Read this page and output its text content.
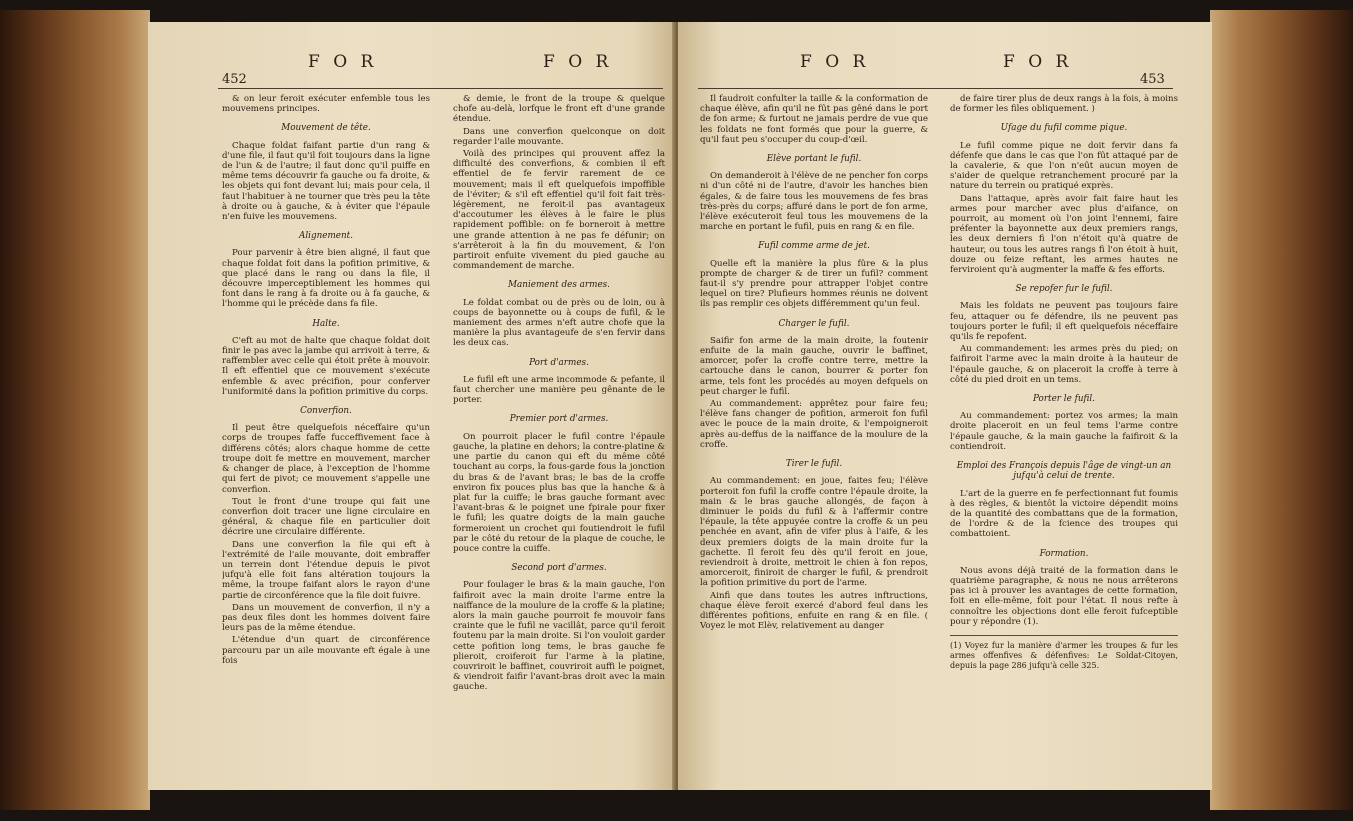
452
F O R	F O R

& on leur feroit exécuter enfemble tous les mouvemens principes.

Mouvement de tête.

Chaque foldat faifant partie d'un rang & d'une file, il faut qu'il foit toujours dans la ligne de l'un & de l'autre; il faut donc qu'il puiffe en même tems découvrir fa gauche ou fa droite, & les objets qui font devant lui; mais pour cela, il faut l'habituer à ne tourner que très peu la tête à droite ou à gauche, & à éviter que l'épaule n'en fuive les mouvemens.

Alignement.

Pour parvenir à être bien aligné, il faut que chaque foldat foit dans la pofition primitive, & que placé dans le rang ou dans la file, il découvre imperceptiblement les hommes qui font dans le rang à fa droite ou à fa gauche, & l'homme qui le précède dans fa file.

Halte.

C'eft au mot de halte que chaque foldat doit finir le pas avec la jambe qui arrivoit à terre, & raffembler avec celle qui étoit prête à mouvoir. Il eft effentiel que ce mouvement s'exécute enfemble & avec précifion, pour conferver l'uniformité dans la pofition primitive du corps.

Converfion.

Il peut être quelquefois néceffaire qu'un corps de troupes faffe fucceffivement face à différens côtés; alors chaque homme de cette troupe doit fe mettre en mouvement, marcher & changer de place, à l'exception de l'homme qui fert de pivot; ce mouvement s'appelle une converfion.

Tout le front d'une troupe qui fait une converfion doit tracer une ligne circulaire en général, & chaque file en particulier doit décrire une circulaire différente.

Dans une converfion la file qui eft à l'extrémité de l'aile mouvante, doit embraffer un terrein dont l'étendue depuis le pivot jufqu'à elle foit fans altération toujours la même, la troupe faifant alors le rayon d'une partie de circonférence que la file doit fuivre.

Dans un mouvement de converfion, il n'y a pas deux files dont les hommes doivent faire leurs pas de la même étendue.

L'étendue d'un quart de circonférence parcouru par un aile mouvante eft égale à une fois

& demie, le front de la troupe & quelque chofe au-delà, lorfque le front eft d'une grande étendue.

Dans une converfion quelconque on doit regarder l'aile mouvante.

Voilà des principes qui prouvent affez la difficulté des converfions, & combien il eft effentiel de fe fervir rarement de ce mouvement; mais il eft quelquefois impoffible de l'éviter; & s'il eft effentiel qu'il foit fait très-légèrement, ne feroit-il pas avantageux d'accoutumer les élèves à le faire le plus rapidement poffible: on fe borneroit à mettre une grande attention à ne pas fe défunir; on s'arrêteroit à la fin du mouvement, & l'on partiroit enfuite vivement du pied gauche au commandement de marche.

Maniement des armes.

Le foldat combat ou de près ou de loin, ou à coups de bayonnette ou à coups de fufil, & le maniement des armes n'eft autre chofe que la manière la plus avantageufe de s'en fervir dans les deux cas.

Port d'armes.

Le fufil eft une arme incommode & pefante, il faut chercher une manière peu gênante de le porter.

Premier port d'armes.

On pourroit placer le fufil contre l'épaule gauche, la platine en dehors; la contre-platine & une partie du canon qui eft du même côté touchant au corps, la fous-garde fous la jonction du bras & de l'avant bras; le bas de la croffe environ fix pouces plus bas que la hanche & à plat fur la cuiffe; le bras gauche formant avec l'avant-bras & le poignet une fpirale pour fixer le fufil; les quatre doigts de la main gauche formeroient un crochet qui foutiendroit le fufil par le côté du retour de la plaque de couche, le pouce contre la cuiffe.

Second port d'armes.

Pour foulager le bras & la main gauche, l'on faifiroit avec la main droite l'arme entre la naiffance de la moulure de la croffe & la platine; alors la main gauche pourroit fe mouvoir fans crainte que le fufil ne vacillât, parce qu'il feroit foutenu par la main droite. Si l'on vouloit garder cette pofition long tems, le bras gauche fe plieroit, croiferoit fur l'arme à la platine, couvriroit le baffinet, couvriroit auffi le poignet, & viendroit faifir l'avant-bras droit avec la main gauche.

F O R	F O R
453

Il faudroit confulter la taille & la conformation de chaque élève, afin qu'il ne fût pas gêné dans le port de fon arme; & furtout ne jamais perdre de vue que les foldats ne font formés que pour la guerre, & qu'il faut peu s'occuper du coup-d'œil.

Elève portant le fufil.

On demanderoit à l'élève de ne pencher fon corps ni d'un côté ni de l'autre, d'avoir les hanches bien égales, & de faire tous les mouvemens de fes bras très-près du corps; affuré dans le port de fon arme, l'élève exécuteroit feul tous les mouvemens de la marche en portant le fufil, puis en rang & en file.

Fufil comme arme de jet.

Quelle eft la manière la plus fûre & la plus prompte de charger & de tirer un fufil? comment faut-il s'y prendre pour attrapper l'objet contre lequel on tire? Plufieurs hommes réunis ne doivent ils pas remplir ces objets différemment qu'un feul.

Charger le fufil.

Saifir fon arme de la main droite, la foutenir enfuite de la main gauche, ouvrir le baffinet, amorcer, pofer la croffe contre terre, mettre la cartouche dans le canon, bourrer & porter fon arme, tels font les procédés au moyen defquels on peut charger le fufil.

Au commandement: apprêtez pour faire feu; l'élève fans changer de pofition, armeroit fon fufil avec le pouce de la main droite, & l'empoigneroit après au-deffus de la naiffance de la moulure de la croffe.

Tirer le fufil.

Au commandement: en joue, faites feu; l'élève porteroit fon fufil la croffe contre l'épaule droite, la main & le bras gauche allongés, de façon à diminuer le poids du fufil & à l'affermir contre l'épaule, la tête appuyée contre la croffe & un peu penchée en avant, afin de vifer plus à l'aife, & les deux premiers doigts de la main droite fur la gachette. Il feroit feu dès qu'il feroit en joue, reviendroit à droite, mettroit le chien à fon repos, amorceroit, finiroit de charger le fufil, & prendroit la pofition primitive du port de l'arme.

Ainfi que dans toutes les autres inftructions, chaque élève feroit exercé d'abord feul dans les différentes pofitions, enfuite en rang & en file. ( Voyez le mot Elèv, relativement au danger

de faire tirer plus de deux rangs à la fois, à moins de former les files obliquement. )

Ufage du fufil comme pique.

Le fufil comme pique ne doit fervir dans fa défenfe que dans le cas que l'on fût attaqué par de la cavalerie, & que l'on n'eût aucun moyen de s'aider de quelque retranchement procuré par la nature du terrein ou pratiqué exprès.

Dans l'attaque, après avoir fait faire haut les armes pour marcher avec plus d'aifance, on pourroit, au moment où l'on joint l'ennemi, faire préfenter la bayonnette aux deux premiers rangs, les deux derniers fi l'on n'étoit qu'à quatre de hauteur, ou tous les autres rangs fi l'on étoit à huit, douze ou feize reftant, les armes hautes ne ferviroient qu'à augmenter la maffe & fes efforts.

Se repofer fur le fufil.

Mais les foldats ne peuvent pas toujours faire feu, attaquer ou fe défendre, ils ne peuvent pas toujours porter le fufil; il eft quelquefois néceffaire qu'ils fe repofent.

Au commandement: les armes près du pied; on faifiroit l'arme avec la main droite à la hauteur de l'épaule gauche, & on placeroit la croffe à terre à côté du pied droit en un tems.

Porter le fufil.

Au commandement: portez vos armes; la main droite placeroit en un feul tems l'arme contre l'épaule gauche, & la main gauche la faifiroit & la contiendroit.

Emploi des François depuis l'âge de vingt-un an jufqu'à celui de trente.

L'art de la guerre en fe perfectionnant fut foumis à des règles, & bientôt la victoire dépendit moins de la quantité des combattans que de la formation, de l'ordre & de la fcience des troupes qui combattoient.

Formation.

Nous avons déjà traité de la formation dans le quatrième paragraphe, & nous ne nous arrêterons pas ici à prouver les avantages de cette formation, foit en elle-même, foit pour l'état. Il nous refte à connoître les objections dont elle feroit fufceptible pour y répondre (1).

(1) Voyez fur la manière d'armer les troupes & fur les armes offenfives & défenfives: Le Soldat-Citoyen, depuis la page 286 jufqu'à celle 325.
